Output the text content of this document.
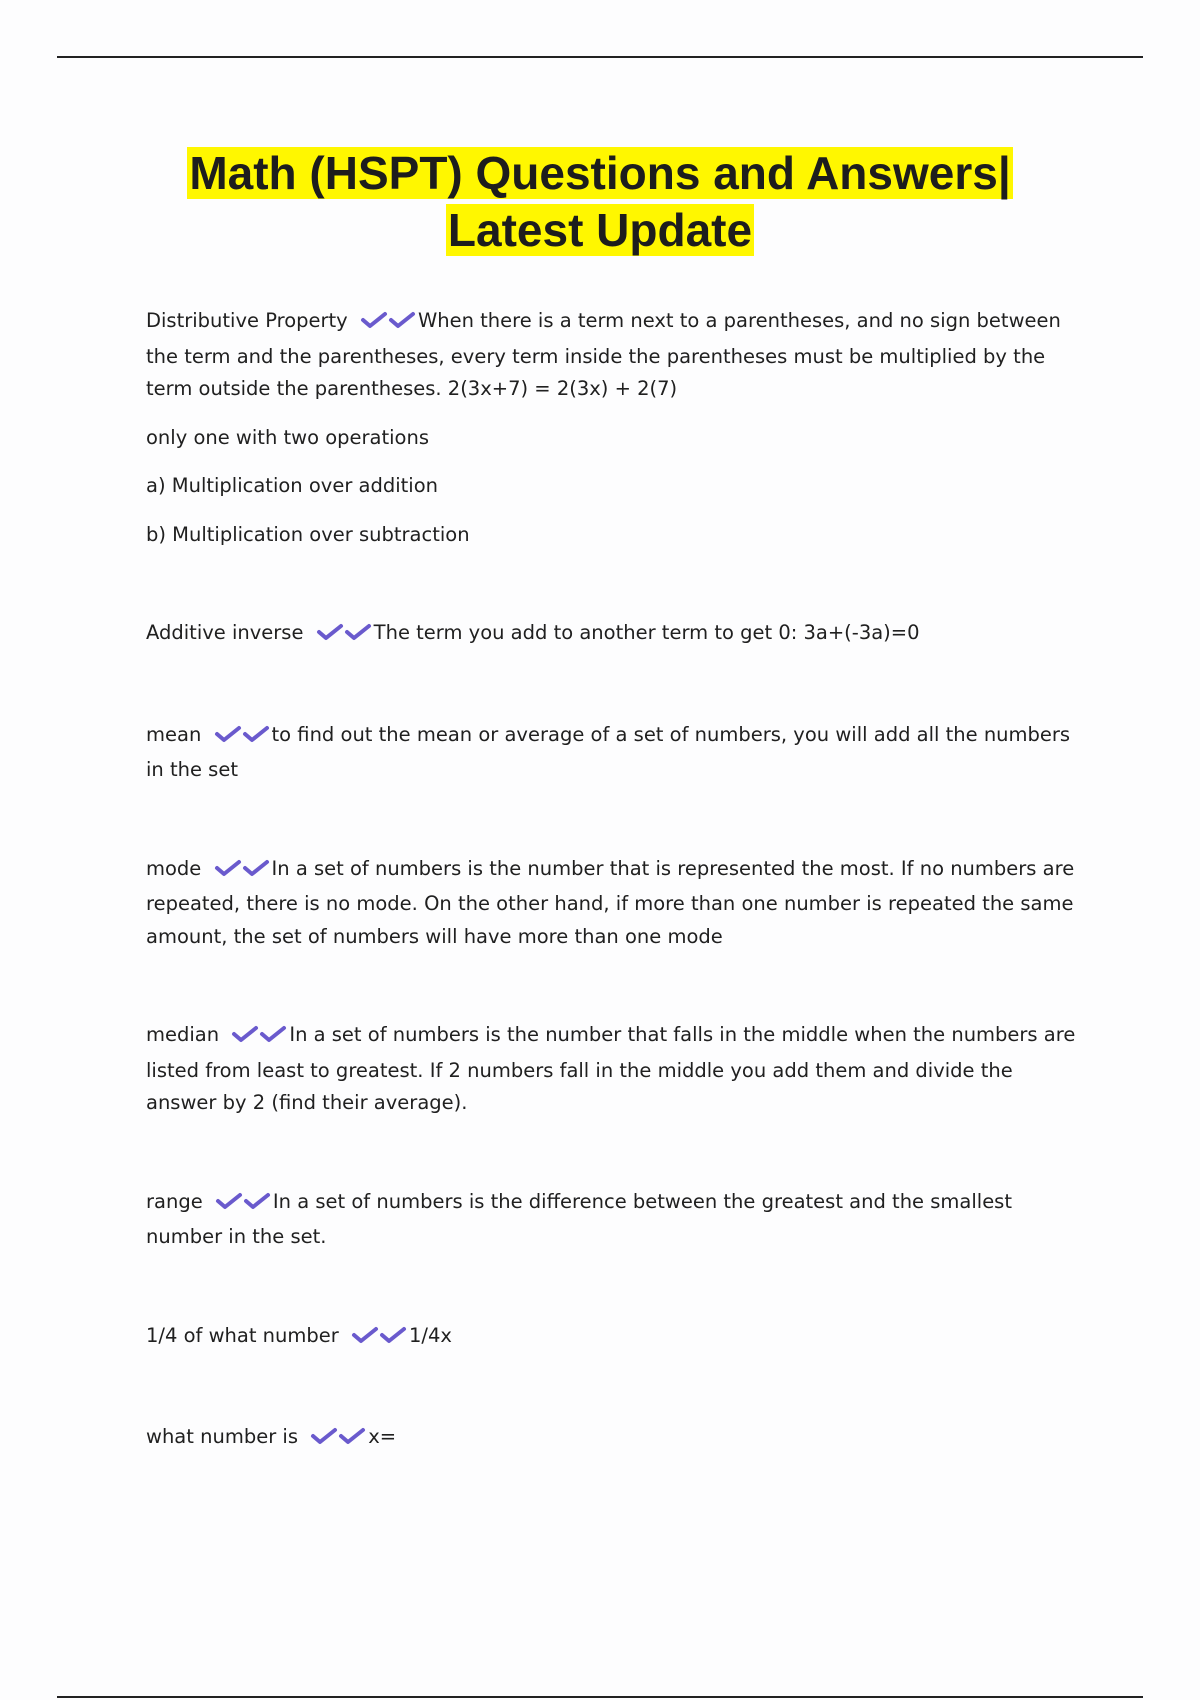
Math (HSPT) Questions and Answers|
Latest Update

Distributive Property	When there is a term next to a parentheses, and no sign between the term and the parentheses, every term inside the parentheses must be multiplied by the term outside the parentheses. 2(3x+7) = 2(3x) + 2(7)

only one with two operations

a) Multiplication over addition

b) Multiplication over subtraction

Additive inverse	The term you add to another term to get 0: 3a+(-3a)=0

mean	to find out the mean or average of a set of numbers, you will add all the numbers in the set

mode	In a set of numbers is the number that is represented the most. If no numbers are repeated, there is no mode. On the other hand, if more than one number is repeated the same amount, the set of numbers will have more than one mode

median	In a set of numbers is the number that falls in the middle when the numbers are listed from least to greatest. If 2 numbers fall in the middle you add them and divide the answer by 2 (find their average).

range	In a set of numbers is the difference between the greatest and the smallest number in the set.

1/4 of what number	1/4x

what number is	x=
